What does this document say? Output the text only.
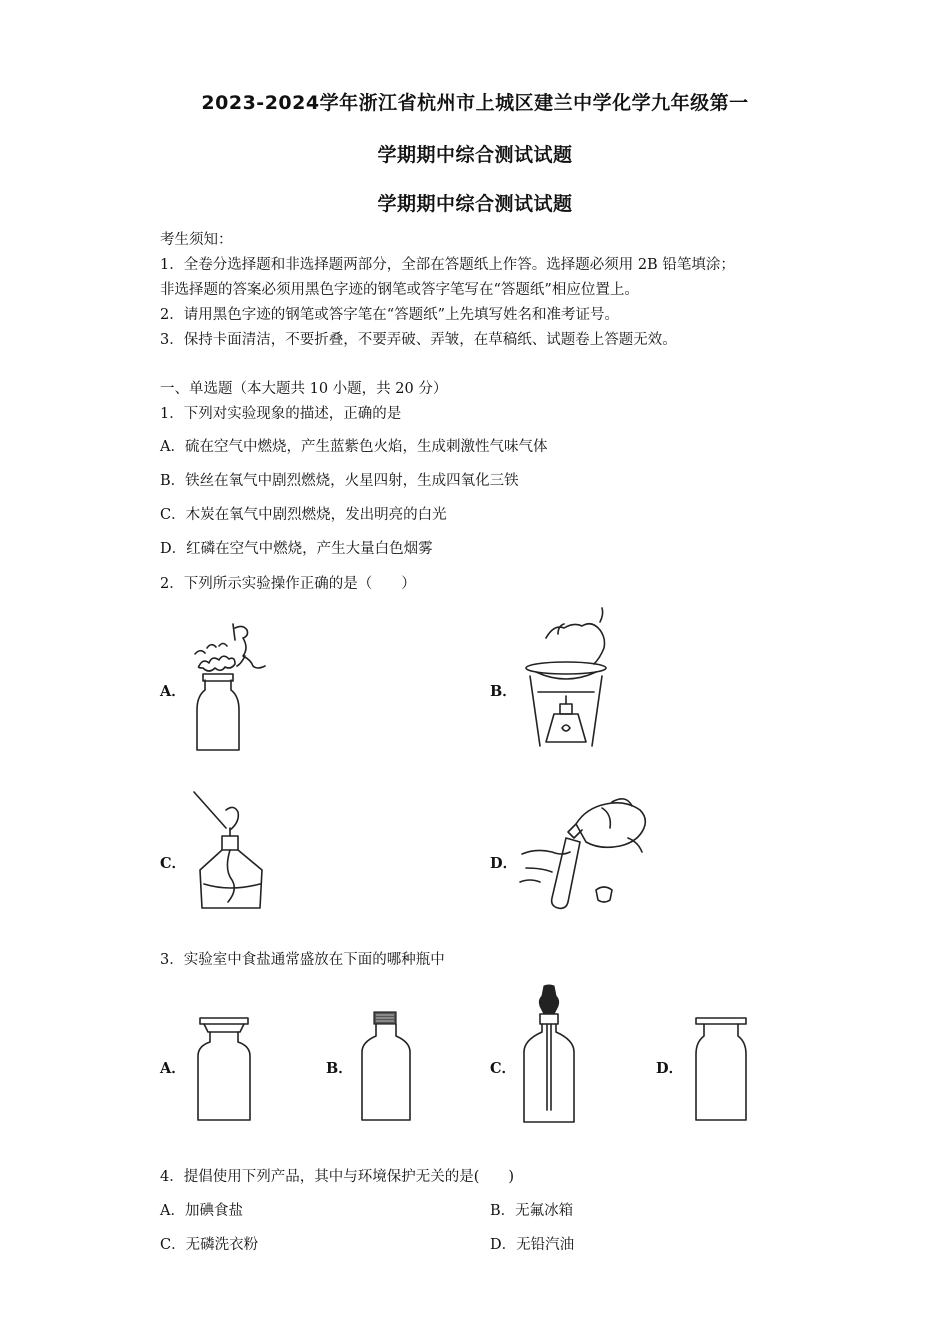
2023-2024学年浙江省杭州市上城区建兰中学化学九年级第一
学期期中综合测试试题
学期期中综合测试试题
考生须知：
1．全卷分选择题和非选择题两部分，全部在答题纸上作答。选择题必须用 2B 铅笔填涂；
非选择题的答案必须用黑色字迹的钢笔或答字笔写在“答题纸”相应位置上。
2．请用黑色字迹的钢笔或答字笔在“答题纸”上先填写姓名和准考证号。
3．保持卡面清洁，不要折叠，不要弄破、弄皱，在草稿纸、试题卷上答题无效。
一、单选题（本大题共 10 小题，共 20 分）
1．下列对实验现象的描述，正确的是
A．硫在空气中燃烧，产生蓝紫色火焰，生成刺激性气味气体
B．铁丝在氧气中剧烈燃烧，火星四射，生成四氧化三铁
C．木炭在氧气中剧烈燃烧，发出明亮的白光
D．红磷在空气中燃烧，产生大量白色烟雾
2．下列所示实验操作正确的是（　　）
A．	B．
C．	D．
3．实验室中食盐通常盛放在下面的哪种瓶中
A．	B．	C．	D．
4．提倡使用下列产品，其中与环境保护无关的是(　　)
A．加碘食盐	B．无氟冰箱
C．无磷洗衣粉	D．无铅汽油
